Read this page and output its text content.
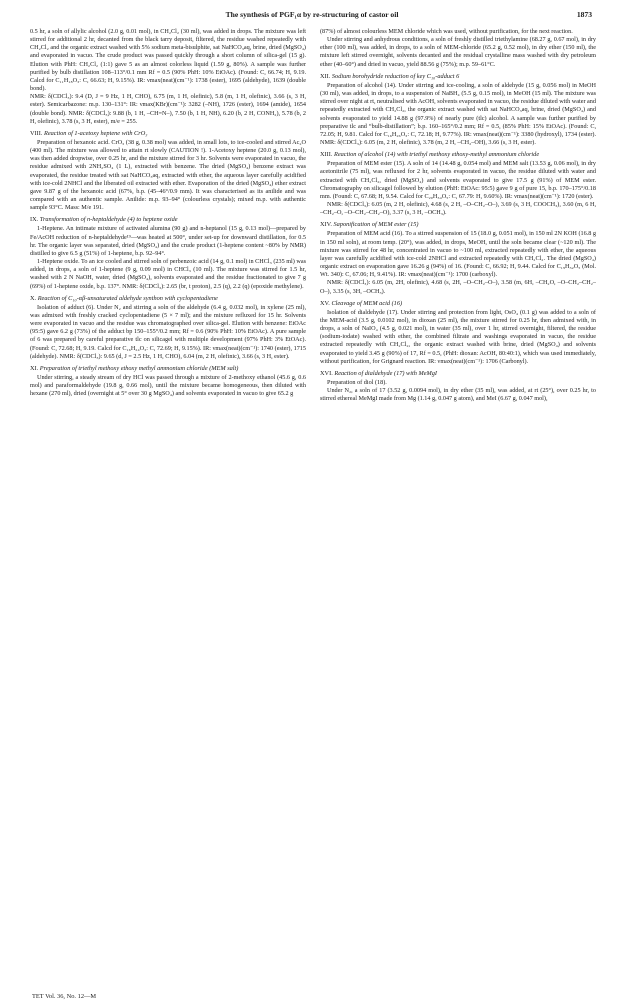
The synthesis of PGF₁α by re-structuring of castor oil	1873

0.5 hr, a soln of allylic alcohol (2.0 g, 0.01 mol), in CH₂Cl₂ (30 ml), was added in drops. The mixture was left stirred for additional 2 hr, decanted from the black tarry deposit, filtered, the residue washed repeatedly with CH₂Cl₂ and the organic extract washed with 5% sodium meta-bisulphite, sat NaHCO₃aq, brine, dried (MgSO₄) and evaporated in vacuo. The crude product was passed quickly through a short column of silica-gel (15 g). Elution with PhH: CH₂Cl₂ (1:1) gave 5 as an almost colorless liquid (1.59 g, 80%). A sample was further purified by bulb distillation 108–113°/0.1 mm Rf = 0.5 (90% PhH: 10% EtOAc). (Found: C, 66.74; H, 9.19. Calcd for C₁₁H₁₈O₃: C, 66.63; H, 9.15%). IR: νmax(neat)(cm⁻¹): 1738 (ester), 1695 (aldehyde), 1639 (double bond).

NMR: δ(CDCl₃): 9.4 (D, J = 9 Hz, 1 H, CHO), 6.75 (m, 1 H, olefinic), 5.8 (m, 1 H, olefinic), 3.66 (s, 3 H, ester). Semicarbazone: m.p. 130–131°: IR: νmax(KBr)(cm⁻¹): 3282 (–NH), 1726 (ester), 1694 (amide), 1654 (double bond). NMR: δ(CDCl₃): 9.88 (b, 1 H, –CH=N–), 7.50 (b, 1 H, NH), 6.20 (b, 2 H, CONH₂), 5.78 (b, 2 H, olefinic), 3.78 (s, 3 H, ester), m/e = 255.

VIII. Reaction of 1-acetoxy heptene with CrO₃

Preparation of hexanoic acid. CrO₃ (38 g, 0.38 mol) was added, in small lots, to ice-cooled and stirred Ac₂O (400 ml). The mixture was allowed to attain rt slowly (CAUTION !). 1-Acetoxy heptene (20.0 g, 0.13 mol), was then added dropwise, over 0.25 hr, and the mixture stirred for 3 hr. Solvents were evaporated in vacuo, the residue admixed with 2NH₂SO₄ (1 L), extracted with benzene. The dried (MgSO₄) benzene extract was evaporated, the residue treated with sat NaHCO₃aq, extracted with ether, the aqueous layer carefully acidified with ice-cold 2NHCl and the liberated oil extracted with ether. Evaporation of the dried (MgSO₄) ether extract gave 9.87 g of the hexanoic acid (67%, b.p. (45–46°/0.9 mm). It was characterised as its anilide and was compared with an authentic sample. Anilide: m.p. 93–94° (colourless crystals); mixed m.p. with authentic sample 93°C. Mass: M/e 191.

IX. Transformation of n-heptaldehyde (4) to heptene oxide

1-Heptene. An intimate mixture of activated alumina (90 g) and n-heptanol (15 g, 0.13 mol)—prepared by Fe/AcOH reduction of n-heptaldehyde¹⁹—was heated at 500°, under set-up for downward distillation, for 0.5 hr. The organic layer was separated, dried (MgSO₄) and the crude product (1-heptene content ~80% by NMR) distilled to give 6.5 g (51%) of 1-heptene, b.p. 92–94°.

1-Heptene oxide. To an ice cooled and stirred soln of perbenzoic acid (14 g, 0.1 mol) in CHCl₃ (235 ml) was added, in drops, a soln of 1-heptene (9 g, 0.09 mol) in CHCl₃ (10 ml). The mixture was stirred for 1.5 hr, washed with 2 N NaOH, water, dried (MgSO₄), solvents evaporated and the residue fractionated to give 7 g (69%) of 1-heptene oxide, b.p. 137°. NMR: δ(CDCl₃): 2.65 (br, t proton), 2.5 (q), 2.2 (q) (epoxide methylene).

X. Reaction of C₁₀-αβ-unsaturated aldehyde synthon with cyclopentadiene

Isolation of adduct (6). Under N₂ and stirring a soln of the aldehyde (6.4 g, 0.032 mol), in xylene (25 ml), was admixed with freshly cracked cyclopentadiene (5 × 7 ml); and the mixture refluxed for 15 hr. Solvents were evaporated in vacuo and the residue was chromatographed over silica-gel. Elution with benzene: EtOAc (95:5) gave 6.2 g (73%) of the adduct bp 150–155°/0.2 mm; Rf = 0.6 (90% PhH: 10% EtOAc). A pure sample of 6 was prepared by careful preparative tlc on silicagel with multiple development (97% PhH: 3% EtOAc). (Found: C, 72.68; H, 9.19. Calcd for C₁₆H₂₄O₃: C, 72.69; H, 9.15%). IR: νmax(neat)(cm⁻¹): 1740 (ester), 1715 (aldehyde). NMR: δ(CDCl₃): 9.65 (d, J = 2.5 Hz, 1 H, CHO), 6.04 (m, 2 H, olefinic), 3.66 (s, 3 H, ester).

XI. Preparation of triethyl methoxy ethoxy methyl ammonium chloride (MEM salt)

Under stirring, a steady stream of dry HCl was passed through a mixture of 2-methoxy ethanol (45.6 g, 0.6 mol) and paraformaldehyde (19.8 g, 0.66 mol), until the mixture became homogeneous, then diluted with hexane (270 ml), dried (overnight at 5° over 30 g MgSO₄) and solvents evaporated in vacuo to give 65.2 g

(87%) of almost colourless MEM chloride which was used, without purification, for the next reaction.

Under stirring and anhydrous conditions, a soln of freshly distilled triethylamine (68.27 g, 0.67 mol), in dry ether (100 ml), was added, in drops, to a soln of MEM-chloride (65.2 g, 0.52 mol), in dry ether (150 ml), the mixture left stirred overnight, solvents decanted and the residual crystalline mass washed with dry petroleum ether (40–60°) and dried in vacuo, yield 88.56 g (75%); m.p. 59–61°C.

XII. Sodium borohydride reduction of key C₁₀-adduct 6

Preparation of alcohol (14). Under stirring and ice-cooling, a soln of aldehyde (15 g, 0.056 mol) in MeOH (30 ml), was added, in drops, to a suspension of NaBH₄ (5.5 g, 0.15 mol), in MeOH (15 ml). The mixture was stirred over night at rt, neutralised with AcOH, solvents evaporated in vacuo, the residue diluted with water and repeatedly extracted with CH₂Cl₂, the organic extract washed with sat NaHCO₃aq, brine, dried (MgSO₄) and solvents evaporated to yield 14.88 g (97.9%) of nearly pure (tlc) alcohol. A sample was further purified by preparative tlc and “bulb-distillation”; b.p. 160–165°/0.2 mm; Rf = 0.5, (85% PhH: 15% EtOAc). (Found: C, 72.05; H, 9.81. Calcd for C₁₆H₂₆O₃: C, 72.18; H, 9.77%). IR: νmax(neat)(cm⁻¹): 3380 (hydroxyl), 1734 (ester). NMR: δ(CDCl₃): 6.05 (m, 2 H, olefinic), 3.78 (m, 2 H, –CH₂–OH), 3.66 (s, 3 H, ester).

XIII. Reaction of alcohol (14) with triethyl methoxy ethoxy-methyl ammonium chloride

Preparation of MEM ester (15). A soln of 14 (14.48 g, 0.054 mol) and MEM salt (13.53 g, 0.06 mol), in dry acetonitrile (75 ml), was refluxed for 2 hr, solvents evaporated in vacuo, the residue diluted with water and extracted with CH₂Cl₂, dried (MgSO₄) and solvents evaporated to give 17.5 g (91%) of MEM ester. Chromatography on silicagel followed by elution (PhH: EtOAc: 95:5) gave 9 g of pure 15, b.p. 170–175°/0.18 mm. (Found: C, 67.68; H, 9.54. Calcd for C₂₀H₃₄O₅: C, 67.79: H, 9.60%). IR: νmax(neat)(cm⁻¹): 1720 (ester).

NMR: δ(CDCl₃): 6.05 (m, 2 H, olefinic), 4.68 (s, 2 H, –O–CH₂–O–), 3.69 (s, 3 H, COOCH₃), 3.60 (m, 6 H, –CH₂–O, –O–CH₂–CH₂–O), 3.37 (s, 3 H, –OCH₃).

XIV. Saponification of MEM ester (15)

Preparation of MEM acid (16). To a stirred suspension of 15 (18.0 g, 0.051 mol), in 150 ml 2N KOH (16.8 g in 150 ml soln), at room temp. (20°), was added, in drops, MeOH, until the soln became clear (~120 ml). The mixture was stirred for 48 hr, concentrated in vacuo to ~100 ml, extracted repeatedly with ether, the aqueous layer was carefully acidified with ice-cold 2NHCl and extracted repeatedly with CH₂Cl₂. The dried (MgSO₄) organic extract on evaporation gave 16.26 g (94%) of 16. (Found: C, 66.92; H, 9.44. Calcd for C₁₉H₃₂O₅ (Mol. Wt. 340): C, 67.06; H, 9.41%). IR: νmax(neat)(cm⁻¹): 1700 (carboxyl).

NMR: δ(CDCl₃): 6.05 (m, 2H, olefinic), 4.68 (s, 2H, –O–CH₂–O–), 3.58 (m, 6H, –CH₂O, –O–CH₂–CH₂–O–), 3.35 (s, 3H, –OCH₃).

XV. Cleavage of MEM acid (16)

Isolation of dialdehyde (17). Under stirring and protection from light, OsO₄ (0.1 g) was added to a soln of the MEM-acid (3.5 g, 0.0102 mol), in dioxan (25 ml), the mixture stirred for 0.25 hr, then admixed with, in drops, a soln of NaIO₄ (4.5 g, 0.021 mol), in water (35 ml), over 1 hr, stirred overnight, filtered, the residue (sodium-iodate) washed with ether, the combined filtrate and washings evaporated in vacuo, the residue extracted repeatedly with CH₂Cl₂, the organic extract washed with brine, dried (MgSO₄) and solvents evaporated to yield 3.45 g (90%) of 17, Rf = 0.5, (PhH: dioxan: AcOH, 80:40:1), which was used immediately, without purification, for Grignard reaction. IR: νmax(neat)(cm⁻¹): 1706 (Carbonyl).

XVI. Reaction of dialdehyde (17) with MeMgI

Preparation of diol (18).

Under N₂, a soln of 17 (3.52 g, 0.0094 mol), in dry ether (35 ml), was added, at rt (25°), over 0.25 hr, to stirred ethereal MeMgI made from Mg (1.14 g, 0.047 g atom), and MeI (6.67 g, 0.047 mol),

TET Vol. 36, No. 12—M
